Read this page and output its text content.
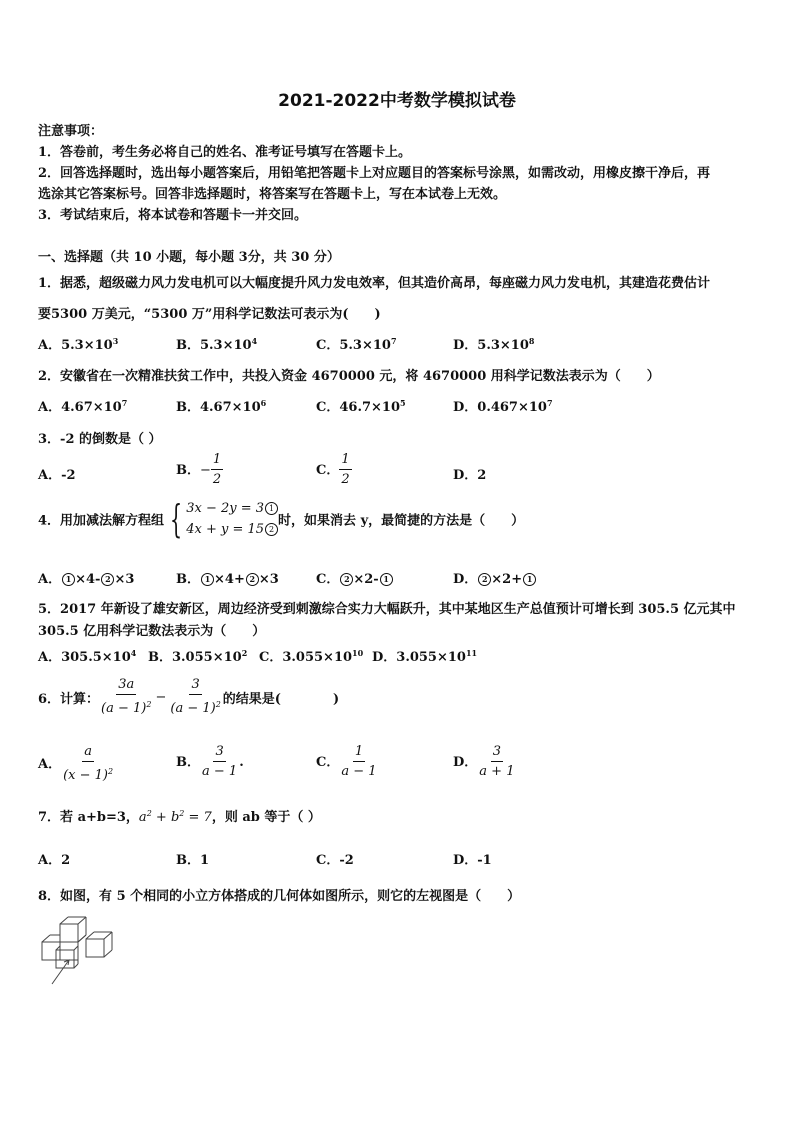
2021-2022中考数学模拟试卷
注意事项：
1．答卷前，考生务必将自己的姓名、准考证号填写在答题卡上。
2．回答选择题时，选出每小题答案后，用铅笔把答题卡上对应题目的答案标号涂黑，如需改动，用橡皮擦干净后，再
选涂其它答案标号。回答非选择题时，将答案写在答题卡上，写在本试卷上无效。
3．考试结束后，将本试卷和答题卡一并交回。
一、选择题（共 10 小题，每小题 3分，共 30 分）
1．据悉，超级磁力风力发电机可以大幅度提升风力发电效率，但其造价高昂，每座磁力风力发电机，其建造花费估计
要5300 万美元，“5300 万”用科学记数法可表示为(　　)
A．$5.3\times 10^3$	B．$5.3\times 10^4$	C．$5.3\times 10^7$	D．$5.3\times 10^8$
2．安徽省在一次精准扶贫工作中，共投入资金 4670000 元，将 4670000 用科学记数法表示为（　　）
A．$4.67\times 10^7$	B．$4.67\times 10^6$	C．$46.7\times 10^5$	D．$0.467\times 10^7$
3．-2 的倒数是（ ）
A．-2	B．− $\frac{1}{2}$	C． $\frac{1}{2}$	D．2
4．用加减法解方程组 { 3x − 2y = 3 1
4x + y = 15 2
时，如果消去 y，最简捷的方法是（　　）
A． 1 ×4- 2 ×3	B． 1 ×4+ 2 ×3	C． 2 ×2- 1	D． 2 ×2+ 1
5．2017 年新设了雄安新区，周边经济受到刺激综合实力大幅跃升，其中某地区生产总值预计可增长到 305.5 亿元其中
305.5 亿用科学记数法表示为（　　）
A．$305.5\times 10^4$ B．$3.055\times 10^2$ C．$3.055\times 10^{10}$ D．$3.055\times 10^{11}$
6．计算： $\frac{3a}{(a - 1)^2} - \frac{3}{(a - 1)^2}$ 的结果是(　　　　)
A． $\frac{a}{(x - 1)^2}$	B． $\frac{3}{a - 1}$ .	C． $\frac{1}{a - 1}$	D． $\frac{3}{a + 1}$
7．若 a+b=3，$a^2 + b^2 = 7$，则 ab 等于（ ）
A．2	B．1	C．-2	D．-1
8．如图，有 5 个相同的小立方体搭成的几何体如图所示，则它的左视图是（　　）
